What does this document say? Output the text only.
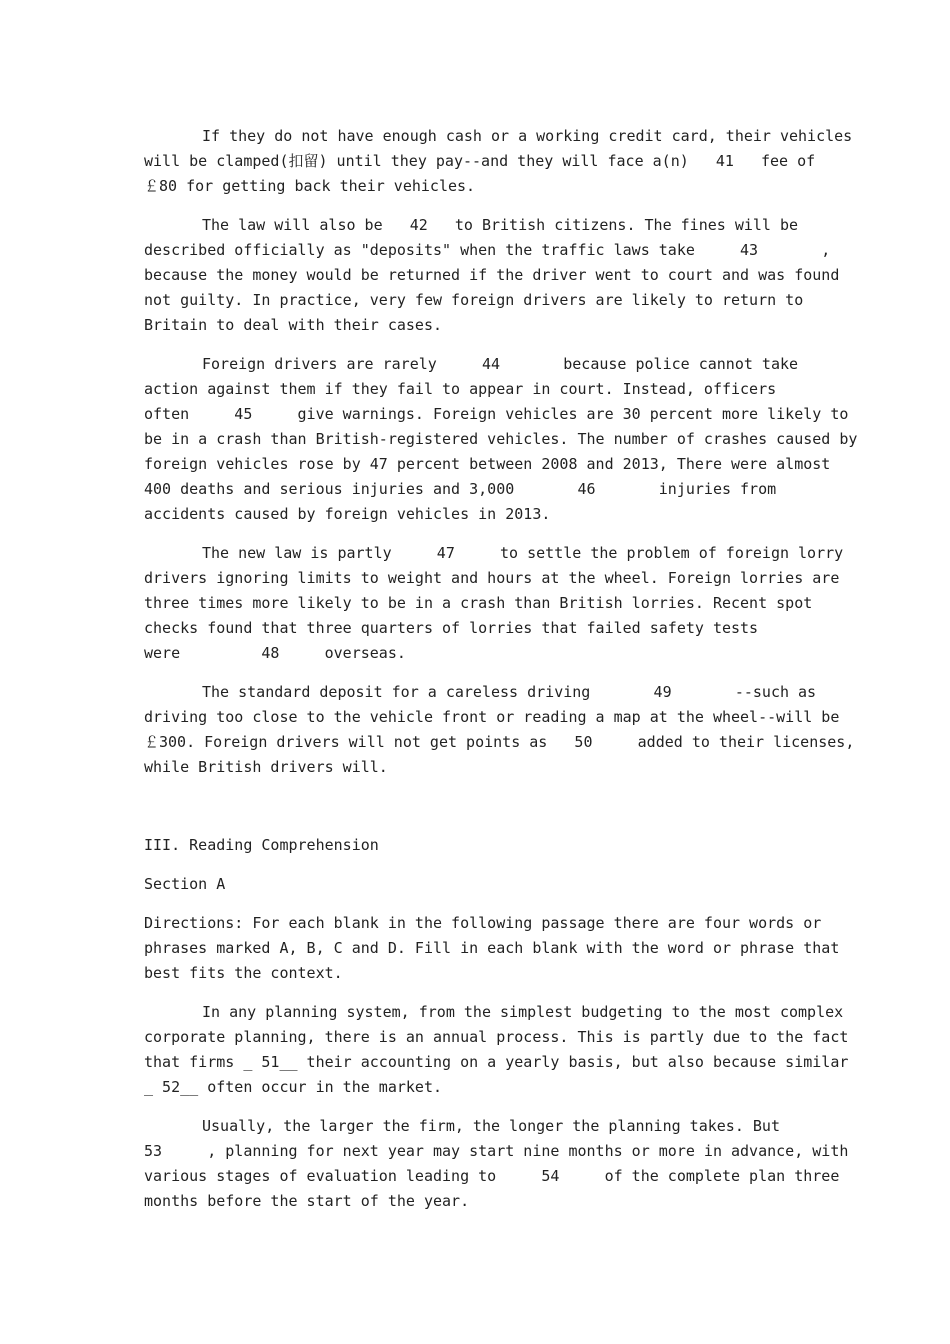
If they do not have enough cash or a working credit card, their vehicles
will be clamped(扣留) until they pay--and they will face a(n)   41   fee of
￡80 for getting back their vehicles.
The law will also be   42   to British citizens. The fines will be
described officially as "deposits" when the traffic laws take     43       ,
because the money would be returned if the driver went to court and was found
not guilty. In practice, very few foreign drivers are likely to return to
Britain to deal with their cases.
Foreign drivers are rarely     44       because police cannot take
action against them if they fail to appear in court. Instead, officers
often     45     give warnings. Foreign vehicles are 30 percent more likely to
be in a crash than British-registered vehicles. The number of crashes caused by
foreign vehicles rose by 47 percent between 2008 and 2013, There were almost
400 deaths and serious injuries and 3,000       46       injuries from
accidents caused by foreign vehicles in 2013.
The new law is partly     47     to settle the problem of foreign lorry
drivers ignoring limits to weight and hours at the wheel. Foreign lorries are
three times more likely to be in a crash than British lorries. Recent spot
checks found that three quarters of lorries that failed safety tests
were         48     overseas.
The standard deposit for a careless driving       49       --such as
driving too close to the vehicle front or reading a map at the wheel--will be
￡300. Foreign drivers will not get points as   50     added to their licenses,
while British drivers will.
III. Reading Comprehension
Section A
Directions: For each blank in the following passage there are four words or
phrases marked A, B, C and D. Fill in each blank with the word or phrase that
best fits the context.
In any planning system, from the simplest budgeting to the most complex
corporate planning, there is an annual process. This is partly due to the fact
that firms _ 51__ their accounting on a yearly basis, but also because similar
_ 52__ often occur in the market.
Usually, the larger the firm, the longer the planning takes. But
53     , planning for next year may start nine months or more in advance, with
various stages of evaluation leading to     54     of the complete plan three
months before the start of the year.
